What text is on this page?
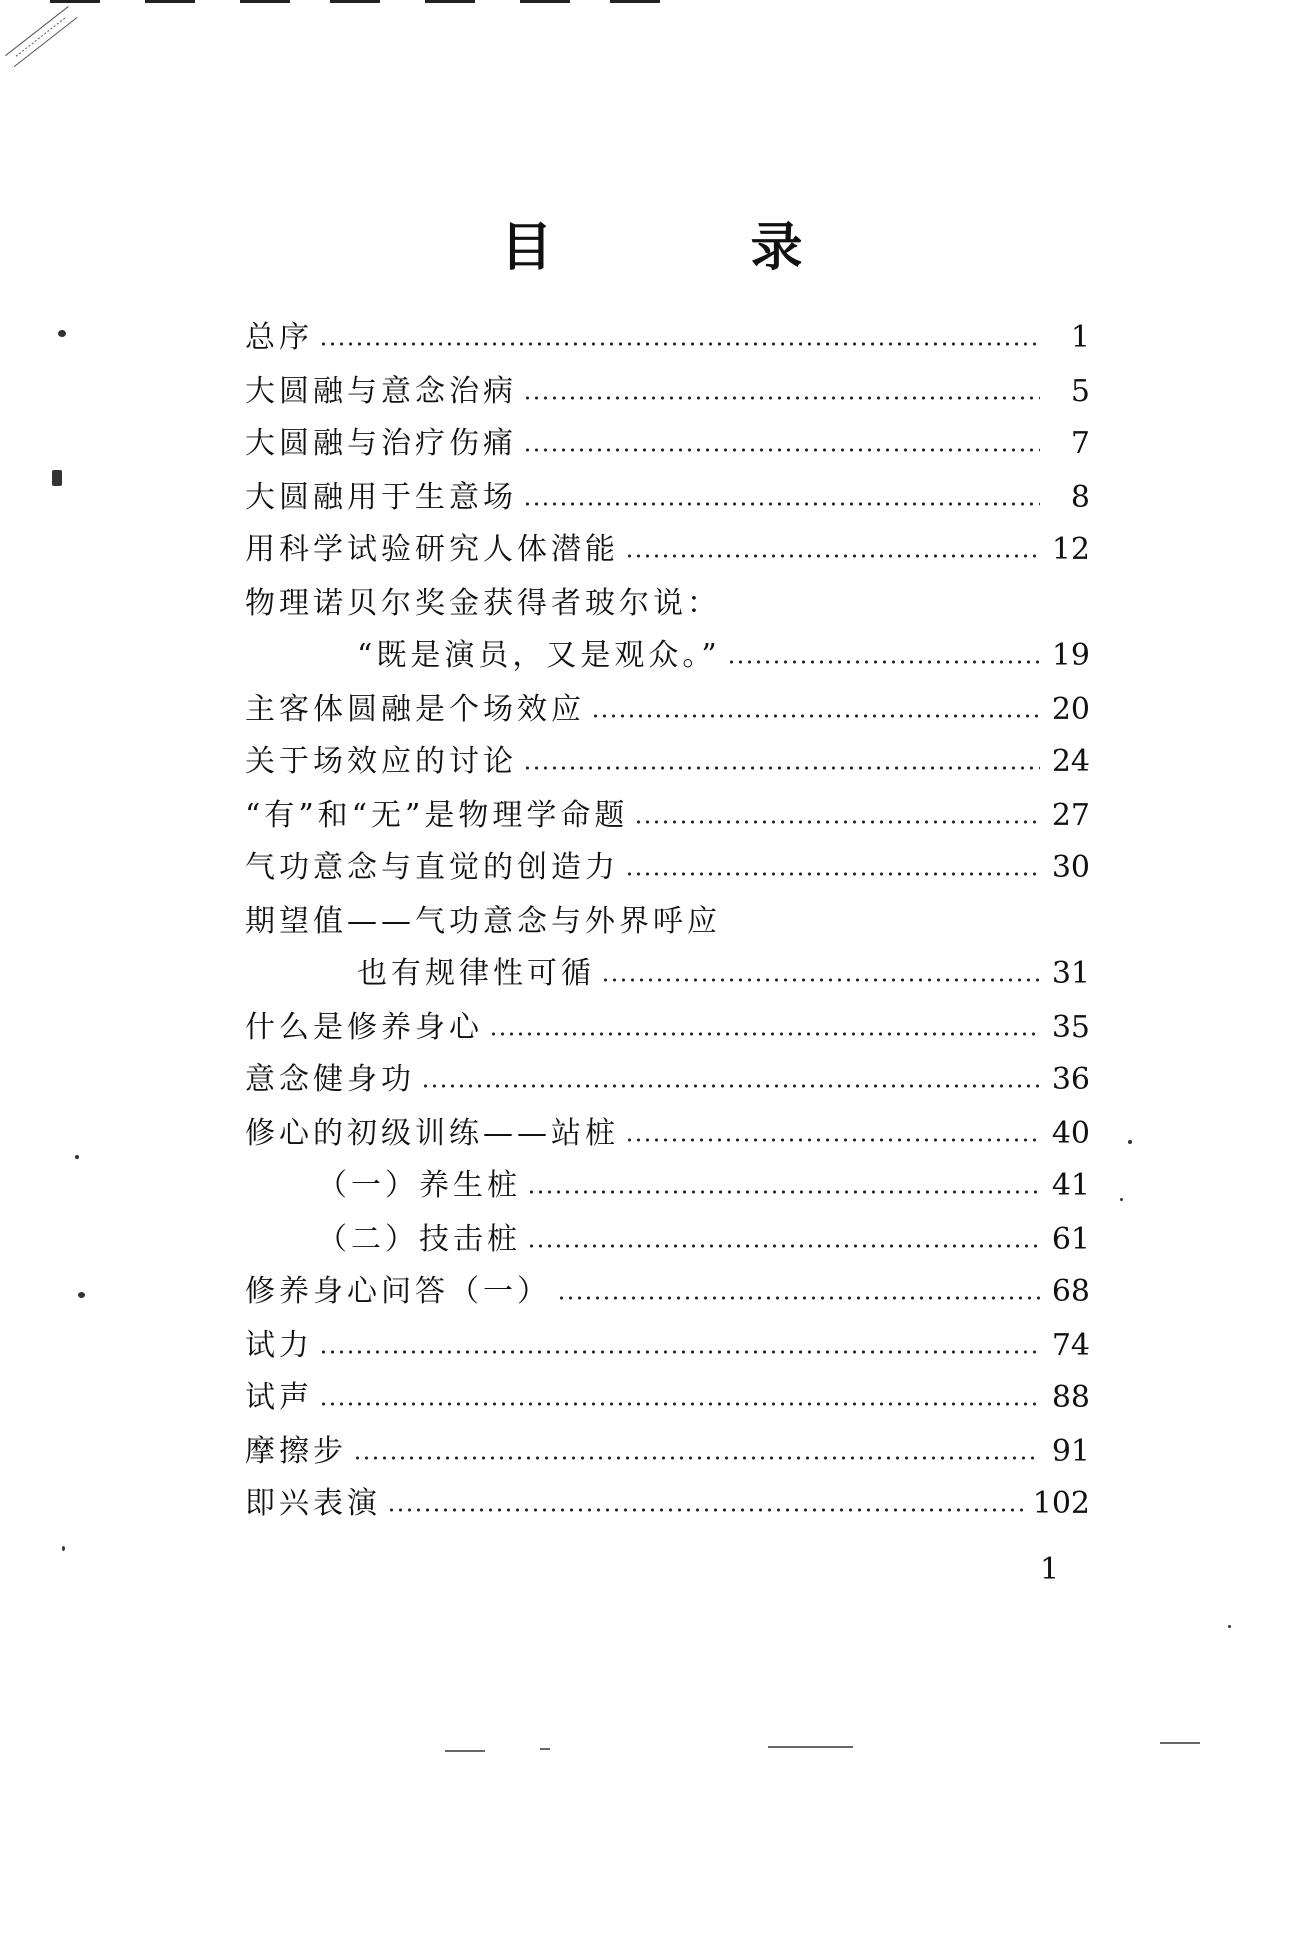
目 录
总序	1
大圆融与意念治病	5
大圆融与治疗伤痛	7
大圆融用于生意场	8
用科学试验研究人体潜能	12
物理诺贝尔奖金获得者玻尔说：
“既是演员，又是观众。”	19
主客体圆融是个场效应	20
关于场效应的讨论	24
“有”和“无”是物理学命题	27
气功意念与直觉的创造力	30
期望值——气功意念与外界呼应
也有规律性可循	31
什么是修养身心	35
意念健身功	36
修心的初级训练——站桩	40
（一）养生桩	41
（二）技击桩	61
修养身心问答（一）	68
试力	74
试声	88
摩擦步	91
即兴表演	102
1
